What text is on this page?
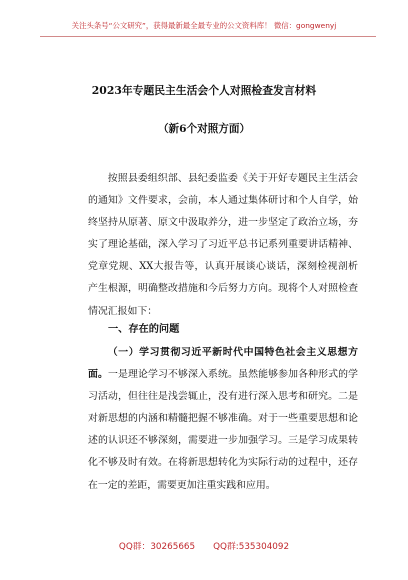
关注头条号“公文研究”，获得最新最全最专业的公文资料库！ 微信：gongwenyj
2023年专题民主生活会个人对照检查发言材料
（新6个对照方面）
按照县委组织部、县纪委监委《关于开好专题民主生活会的通知》文件要求，会前，本人通过集体研讨和个人自学，始终坚持从原著、原文中汲取养分，进一步坚定了政治立场，夯实了理论基础，深入学习了习近平总书记系列重要讲话精神、党章党规、XX大报告等，认真开展谈心谈话，深刻检视剖析产生根源，明确整改措施和今后努力方向。现将个人对照检查情况汇报如下：
一、存在的问题
（一）学习贯彻习近平新时代中国特色社会主义思想方面。一是理论学习不够深入系统。虽然能够参加各种形式的学习活动，但往往是浅尝辄止，没有进行深入思考和研究。二是对新思想的内涵和精髓把握不够准确。对于一些重要思想和论述的认识还不够深刻，需要进一步加强学习。三是学习成果转化不够及时有效。在将新思想转化为实际行动的过程中，还存在一定的差距，需要更加注重实践和应用。
QQ群：30265665 QQ群:535304092
